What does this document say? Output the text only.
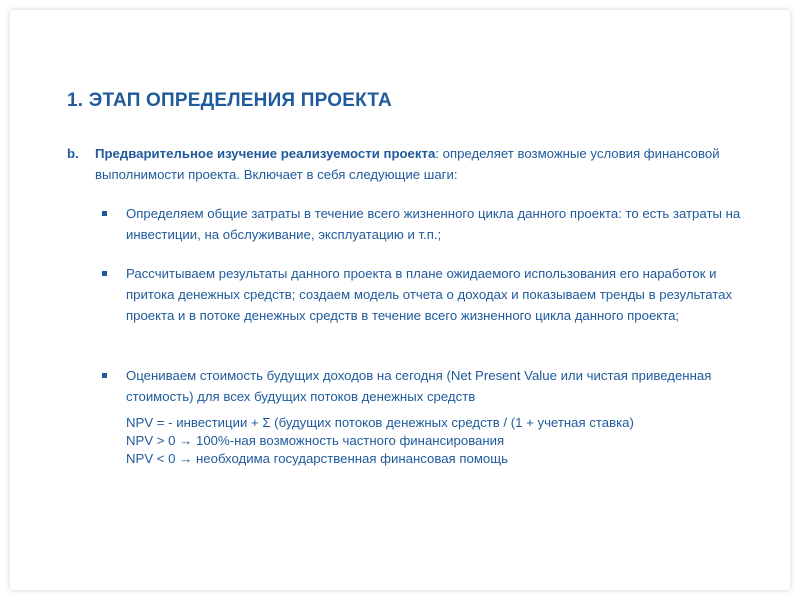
1. ЭТАП ОПРЕДЕЛЕНИЯ ПРОЕКТА
b. Предварительное изучение реализуемости проекта: определяет возможные условия финансовой выполнимости проекта. Включает в себя следующие шаги:
Определяем общие затраты в течение всего жизненного цикла данного проекта: то есть затраты на инвестиции, на обслуживание, эксплуатацию и т.п.;
Рассчитываем результаты данного проекта в плане ожидаемого использования его наработок и притока денежных средств; создаем модель отчета о доходах и показываем тренды в результатах проекта и в потоке денежных средств в течение всего жизненного цикла данного проекта;
Оцениваем стоимость будущих доходов на сегодня (Net Present Value или чистая приведенная стоимость) для всех будущих потоков денежных средств
NPV = - инвестиции + Σ (будущих потоков денежных средств / (1 + учетная ставка)
NPV > 0 → 100%-ная возможность частного финансирования
NPV < 0 → необходима государственная финансовая помощь
